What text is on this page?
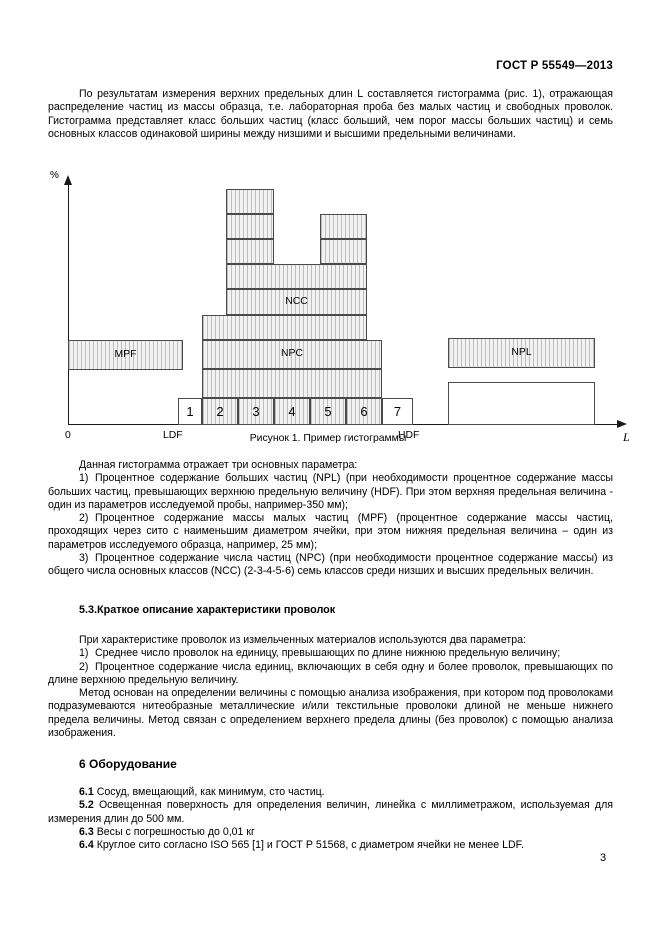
ГОСТ Р 55549—2013

По результатам измерения верхних предельных длин L составляется гистограмма (рис. 1), отражающая распределение частиц из массы образца, т.е. лабораторная проба без малых частиц и свободных проволок. Гистограмма представляет класс больших частиц (класс больший, чем порог массы больших частиц) и семь основных классов одинаковой ширины между низшими и высшими предельными величинами.

%
L
0	LDF	HDF
MPF	NPC
NCC
NPL
1 2 3 4 5 6 7
Рисунок 1. Пример гистограммы

Данная гистограмма отражает три основных параметра:

1) Процентное содержание больших частиц (NPL) (при необходимости процентное содержание массы больших частиц, превышающих верхнюю предельную величину (HDF). При этом верхняя предельная величина - один из параметров исследуемой пробы, например-350 мм);

2) Процентное содержание массы малых частиц (MPF) (процентное содержание массы частиц, проходящих через сито с наименьшим диаметром ячейки, при этом нижняя предельная величина – один из параметров исследуемого образца, например, 25 мм);

3) Процентное содержание числа частиц (NPC) (при необходимости процентное содержание массы) из общего числа основных классов (NCC) (2-3-4-5-6) семь классов среди низших и высших предельных величин.

5.3.Краткое описание характеристики проволок

При характеристике проволок из измельченных материалов используются два параметра:

1) Среднее число проволок на единицу, превышающих по длине нижнюю предельную величину;

2) Процентное содержание числа единиц, включающих в себя одну и более проволок, превышающих по длине верхнюю предельную величину.

Метод основан на определении величины с помощью анализа изображения, при котором под проволоками подразумеваются нитеобразные металлические и/или текстильные проволоки длиной не меньше нижнего предела величины. Метод связан с определением верхнего предела длины (без проволок) с помощью анализа изображения.

6 Оборудование

6.1 Сосуд, вмещающий, как минимум, сто частиц.

5.2 Освещенная поверхность для определения величин, линейка с миллиметражом, используемая для измерения длин до 500 мм.

6.3 Весы с погрешностью до 0,01 кг

6.4 Круглое сито согласно ISO 565 [1] и ГОСТ Р 51568, с диаметром ячейки не менее LDF.

3
